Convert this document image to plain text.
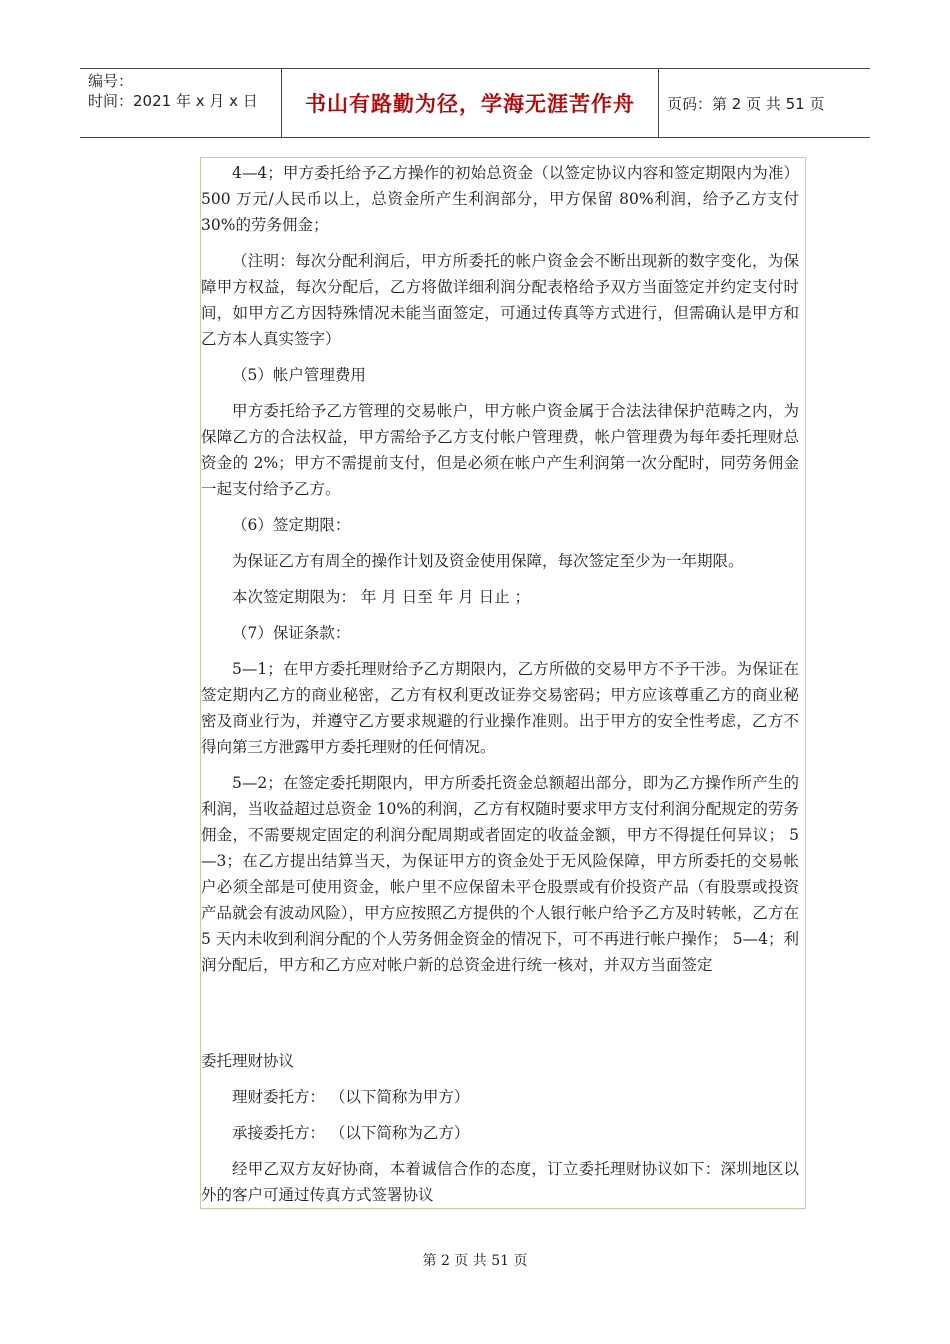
编号：
时间：2021 年 x 月 x 日	书山有路勤为径，学海无涯苦作舟	页码：第 2 页 共 51 页

4—4；甲方委托给予乙方操作的初始总资金（以签定协议内容和签定期限内为准）500 万元/人民币以上，总资金所产生利润部分，甲方保留 80%利润，给予乙方支付 30%的劳务佣金；

（注明：每次分配利润后，甲方所委托的帐户资金会不断出现新的数字变化，为保障甲方权益，每次分配后，乙方将做详细利润分配表格给予双方当面签定并约定支付时间，如甲方乙方因特殊情况未能当面签定，可通过传真等方式进行，但需确认是甲方和乙方本人真实签字）

（5）帐户管理费用

甲方委托给予乙方管理的交易帐户，甲方帐户资金属于合法法律保护范畴之内，为保障乙方的合法权益，甲方需给予乙方支付帐户管理费，帐户管理费为每年委托理财总资金的 2%；甲方不需提前支付，但是必须在帐户产生利润第一次分配时，同劳务佣金一起支付给予乙方。

（6）签定期限：

为保证乙方有周全的操作计划及资金使用保障，每次签定至少为一年期限。

本次签定期限为： 年 月 日至 年 月 日止 ；

（7）保证条款：

5—1；在甲方委托理财给予乙方期限内，乙方所做的交易甲方不予干涉。为保证在签定期内乙方的商业秘密，乙方有权利更改证券交易密码；甲方应该尊重乙方的商业秘密及商业行为，并遵守乙方要求规避的行业操作准则。出于甲方的安全性考虑，乙方不得向第三方泄露甲方委托理财的任何情况。

5—2；在签定委托期限内，甲方所委托资金总额超出部分，即为乙方操作所产生的利润，当收益超过总资金 10%的利润，乙方有权随时要求甲方支付利润分配规定的劳务佣金，不需要规定固定的利润分配周期或者固定的收益金额，甲方不得提任何异议； 5—3；在乙方提出结算当天，为保证甲方的资金处于无风险保障，甲方所委托的交易帐户必须全部是可使用资金，帐户里不应保留未平仓股票或有价投资产品（有股票或投资产品就会有波动风险），甲方应按照乙方提供的个人银行帐户给予乙方及时转帐，乙方在 5 天内未收到利润分配的个人劳务佣金资金的情况下，可不再进行帐户操作； 5—4；利润分配后，甲方和乙方应对帐户新的总资金进行统一核对，并双方当面签定

委托理财协议

理财委托方： （以下简称为甲方）

承接委托方： （以下简称为乙方）

经甲乙双方友好协商，本着诚信合作的态度，订立委托理财协议如下：深圳地区以外的客户可通过传真方式签署协议

第 2 页 共 51 页
